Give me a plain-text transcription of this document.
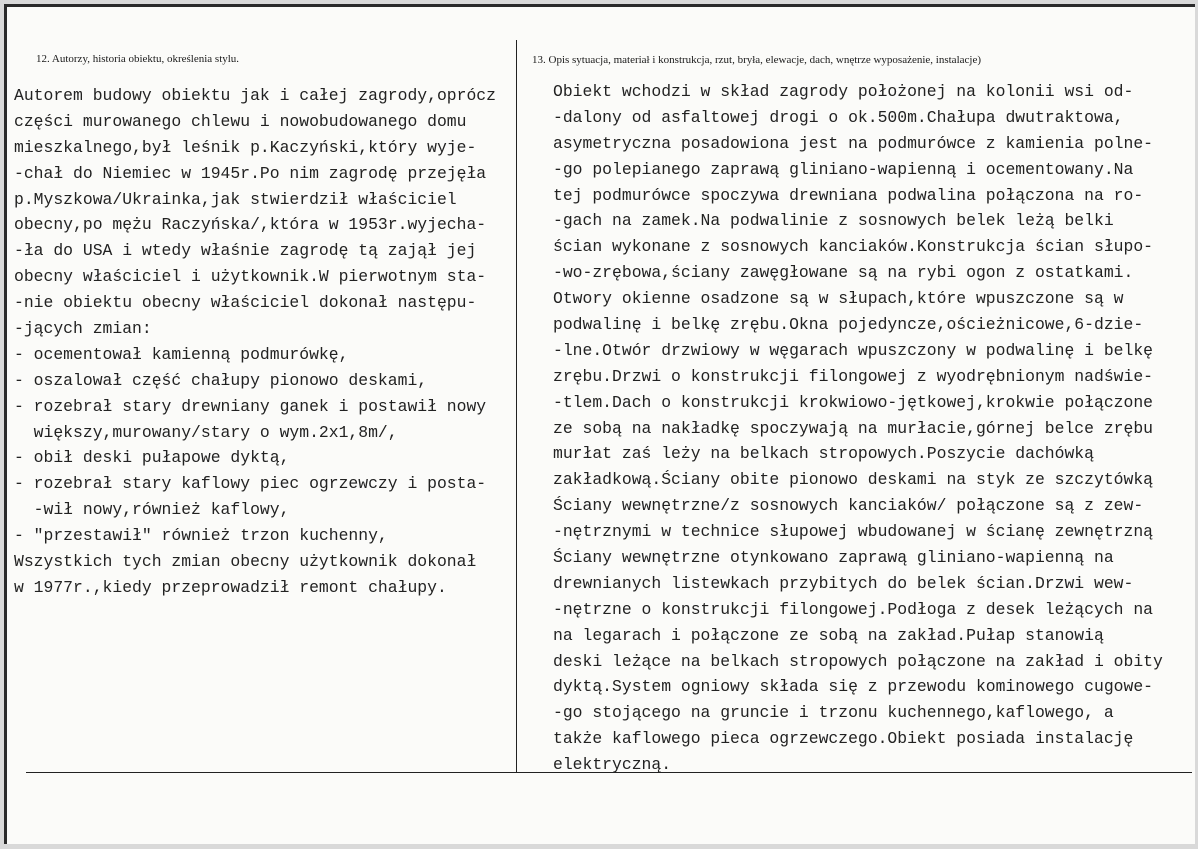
12. Autorzy, historia obiektu, określenia stylu.	13. Opis sytuacja, materiał i konstrukcja, rzut, bryła, elewacje, dach, wnętrze wyposażenie, instalacje)
Autorem budowy obiektu jak i całej zagrody,oprócz
części murowanego chlewu i nowobudowanego domu
mieszkalnego,był leśnik p.Kaczyński,który wyje-
-chał do Niemiec w 1945r.Po nim zagrodę przejęła
p.Myszkowa/Ukrainka,jak stwierdził właściciel
obecny,po mężu Raczyńska/,która w 1953r.wyjecha-
-ła do USA i wtedy właśnie zagrodę tą zajął jej
obecny właściciel i użytkownik.W pierwotnym sta-
-nie obiektu obecny właściciel dokonał następu-
-jących zmian:
- ocementował kamienną podmurówkę,
- oszalował część chałupy pionowo deskami,
- rozebrał stary drewniany ganek i postawił nowy
większy,murowany/stary o wym.2x1,8m/,
- obił deski pułapowe dyktą,
- rozebrał stary kaflowy piec ogrzewczy i posta-
-wił nowy,również kaflowy,
- "przestawił" również trzon kuchenny,
Wszystkich tych zmian obecny użytkownik dokonał
w 1977r.,kiedy przeprowadził remont chałupy.
Obiekt wchodzi w skład zagrody położonej na kolonii wsi od-
-dalony od asfaltowej drogi o ok.500m.Chałupa dwutraktowa,
asymetryczna posadowiona jest na podmurówce z kamienia polne-
-go polepianego zaprawą gliniano-wapienną i ocementowany.Na
tej podmurówce spoczywa drewniana podwalina połączona na ro-
-gach na zamek.Na podwalinie z sosnowych belek leżą belki
ścian wykonane z sosnowych kanciaków.Konstrukcja ścian słupo-
-wo-zrębowa,ściany zawęgłowane są na rybi ogon z ostatkami.
Otwory okienne osadzone są w słupach,które wpuszczone są w
podwalinę i belkę zrębu.Okna pojedyncze,ościeżnicowe,6-dzie-
-lne.Otwór drzwiowy w węgarach wpuszczony w podwalinę i belkę
zrębu.Drzwi o konstrukcji filongowej z wyodrębnionym nadświe-
-tlem.Dach o konstrukcji krokwiowo-jętkowej,krokwie połączone
ze sobą na nakładkę spoczywają na murłacie,górnej belce zrębu
murłat zaś leży na belkach stropowych.Poszycie dachówką
zakładkową.Ściany obite pionowo deskami na styk ze szczytówką
Ściany wewnętrzne/z sosnowych kanciaków/ połączone są z zew-
-nętrznymi w technice słupowej wbudowanej w ścianę zewnętrzną
Ściany wewnętrzne otynkowano zaprawą gliniano-wapienną na
drewnianych listewkach przybitych do belek ścian.Drzwi wew-
-nętrzne o konstrukcji filongowej.Podłoga z desek leżących na
na legarach i połączone ze sobą na zakład.Pułap stanowią
deski leżące na belkach stropowych połączone na zakład i obity
dyktą.System ogniowy składa się z przewodu kominowego cugowe-
-go stojącego na gruncie i trzonu kuchennego,kaflowego, a
także kaflowego pieca ogrzewczego.Obiekt posiada instalację
elektryczną.
